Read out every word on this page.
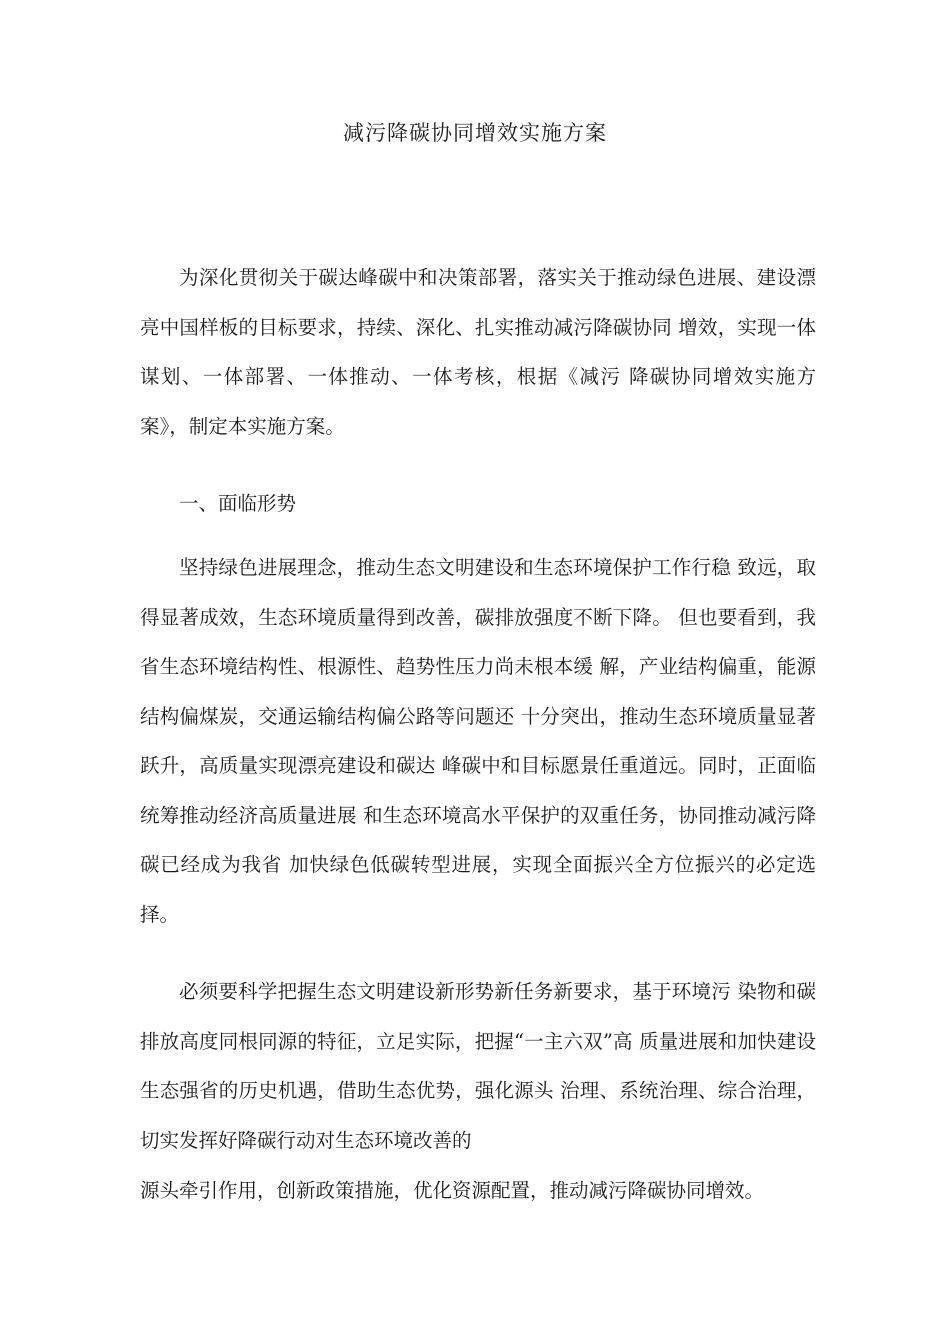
减污降碳协同增效实施方案

为深化贯彻关于碳达峰碳中和决策部署，落实关于推动绿色进展、建设漂亮中国样板的目标要求，持续、深化、扎实推动减污降碳协同 增效，实现一体谋划、一体部署、一体推动、一体考核，根据《减污 降碳协同增效实施方案》，制定本实施方案。

一、面临形势

坚持绿色进展理念，推动生态文明建设和生态环境保护工作行稳 致远，取得显著成效，生态环境质量得到改善，碳排放强度不断下降。 但也要看到，我省生态环境结构性、根源性、趋势性压力尚未根本缓 解，产业结构偏重，能源结构偏煤炭，交通运输结构偏公路等问题还 十分突出，推动生态环境质量显著跃升，高质量实现漂亮建设和碳达 峰碳中和目标愿景任重道远。同时，正面临统筹推动经济高质量进展 和生态环境高水平保护的双重任务，协同推动减污降碳已经成为我省 加快绿色低碳转型进展，实现全面振兴全方位振兴的必定选择。

必须要科学把握生态文明建设新形势新任务新要求，基于环境污 染物和碳排放高度同根同源的特征，立足实际，把握“一主六双”高 质量进展和加快建设生态强省的历史机遇，借助生态优势，强化源头 治理、系统治理、综合治理，切实发挥好降碳行动对生态环境改善的

源头牵引作用，创新政策措施，优化资源配置，推动减污降碳协同增效。
